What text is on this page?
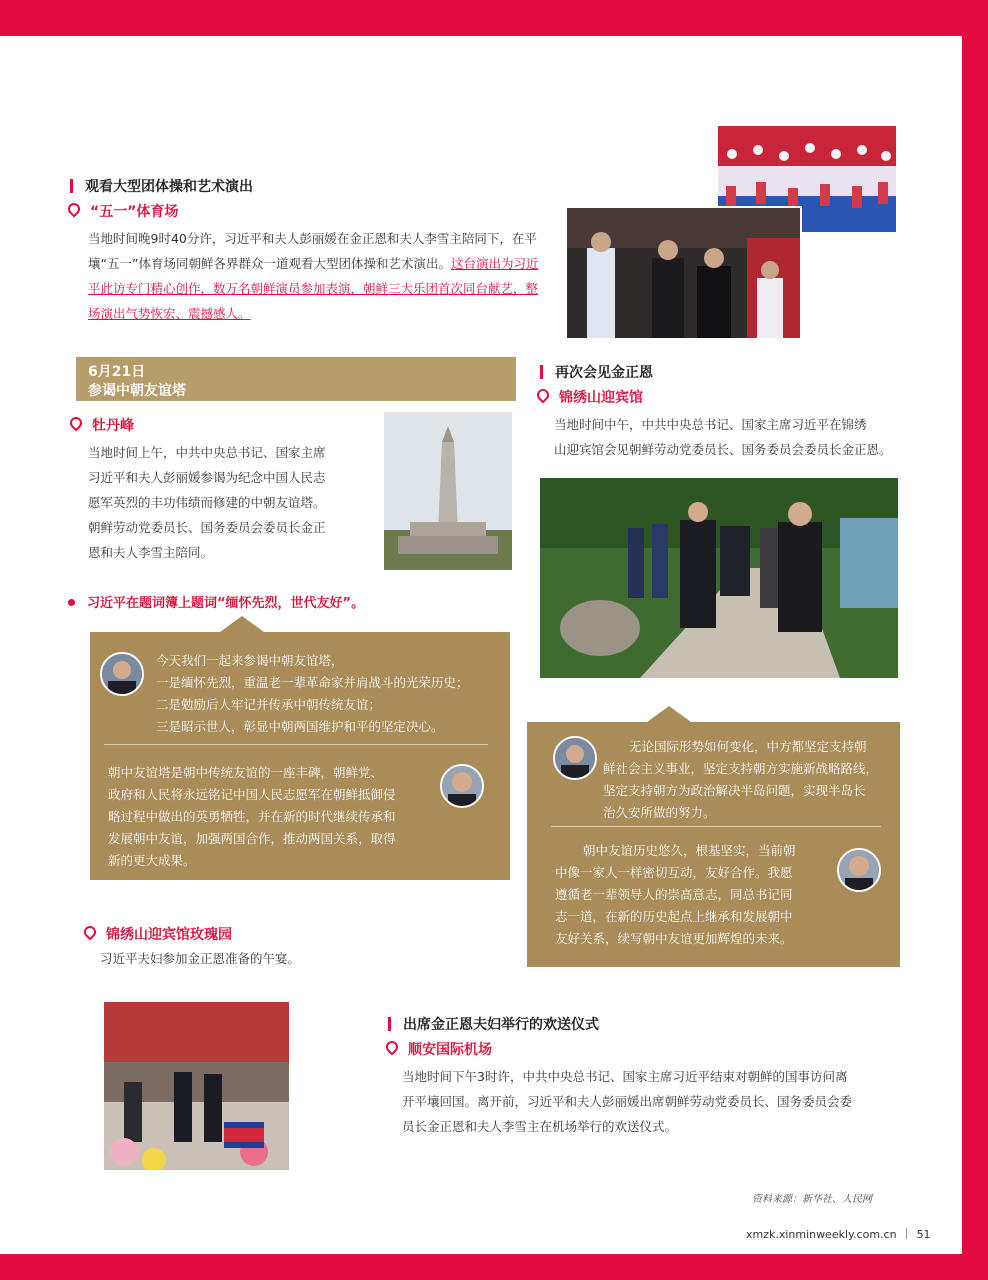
观看大型团体操和艺术演出
“五一”体育场
当地时间晚9时40分许，习近平和夫人彭丽媛在金正恩和夫人李雪主陪同下，在平壤“五一”体育场同朝鲜各界群众一道观看大型团体操和艺术演出。这台演出为习近平此访专门精心创作，数万名朝鲜演员参加表演，朝鲜三大乐团首次同台献艺，整场演出气势恢宏、震撼感人。
6月21日
参谒中朝友谊塔
牡丹峰
当地时间上午，中共中央总书记、国家主席
习近平和夫人彭丽媛参谒为纪念中国人民志
愿军英烈的丰功伟绩而修建的中朝友谊塔。
朝鲜劳动党委员长、国务委员会委员长金正
恩和夫人李雪主陪同。
习近平在题词簿上题词“缅怀先烈，世代友好”。
今天我们一起来参谒中朝友谊塔，
一是缅怀先烈，重温老一辈革命家并肩战斗的光荣历史；
二是勉励后人牢记并传承中朝传统友谊；
三是昭示世人，彰显中朝两国维护和平的坚定决心。
朝中友谊塔是朝中传统友谊的一座丰碑，朝鲜党、
政府和人民将永远铭记中国人民志愿军在朝鲜抵御侵
略过程中做出的英勇牺牲，并在新的时代继续传承和
发展朝中友谊，加强两国合作，推动两国关系，取得
新的更大成果。
再次会见金正恩
锦绣山迎宾馆
当地时间中午，中共中央总书记、国家主席习近平在锦绣
山迎宾馆会见朝鲜劳动党委员长、国务委员会委员长金正恩。
无论国际形势如何变化，中方都坚定支持朝
鲜社会主义事业，坚定支持朝方实施新战略路线，
坚定支持朝方为政治解决半岛问题，实现半岛长
治久安所做的努力。
朝中友谊历史悠久，根基坚实，当前朝
中像一家人一样密切互动，友好合作。我愿
遵循老一辈领导人的崇高意志，同总书记同
志一道，在新的历史起点上继承和发展朝中
友好关系，续写朝中友谊更加辉煌的未来。
锦绣山迎宾馆玫瑰园
习近平夫妇参加金正恩准备的午宴。
出席金正恩夫妇举行的欢送仪式
顺安国际机场
当地时间下午3时许，中共中央总书记、国家主席习近平结束对朝鲜的国事访问离
开平壤回国。离开前，习近平和夫人彭丽媛出席朝鲜劳动党委员长、国务委员会委
员长金正恩和夫人李雪主在机场举行的欢送仪式。
资料来源：新华社、人民网
xmzk.xinminweekly.com.cn 51
